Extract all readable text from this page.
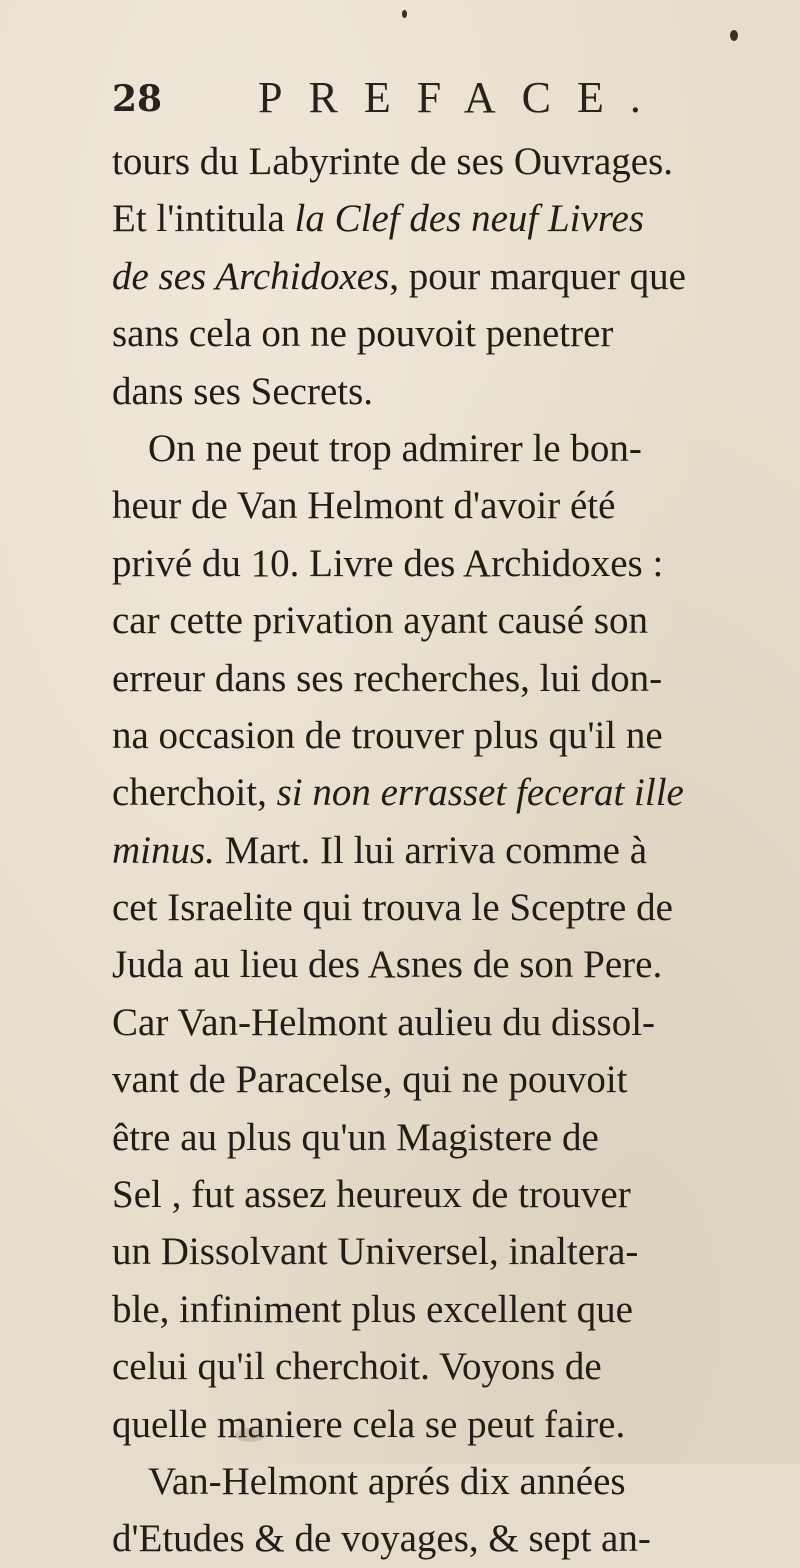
28 PREFACE.
tours du Labyrinte de ses Ouvrages.
Et l'intitula la Clef des neuf Livres
de ses Archidoxes, pour marquer que
sans cela on ne pouvoit penetrer
dans ses Secrets.
On ne peut trop admirer le bon-
heur de Van Helmont d'avoir été
privé du 10. Livre des Archidoxes :
car cette privation ayant causé son
erreur dans ses recherches, lui don-
na occasion de trouver plus qu'il ne
cherchoit, si non errasset fecerat ille
minus. Mart. Il lui arriva comme à
cet Israelite qui trouva le Sceptre de
Juda au lieu des Asnes de son Pere.
Car Van-Helmont aulieu du dissol-
vant de Paracelse, qui ne pouvoit
être au plus qu'un Magistere de
Sel , fut assez heureux de trouver
un Dissolvant Universel, inaltera-
ble, infiniment plus excellent que
celui qu'il cherchoit. Voyons de
quelle maniere cela se peut faire.
Van-Helmont aprés dix années
d'Etudes & de voyages, & sept an-
